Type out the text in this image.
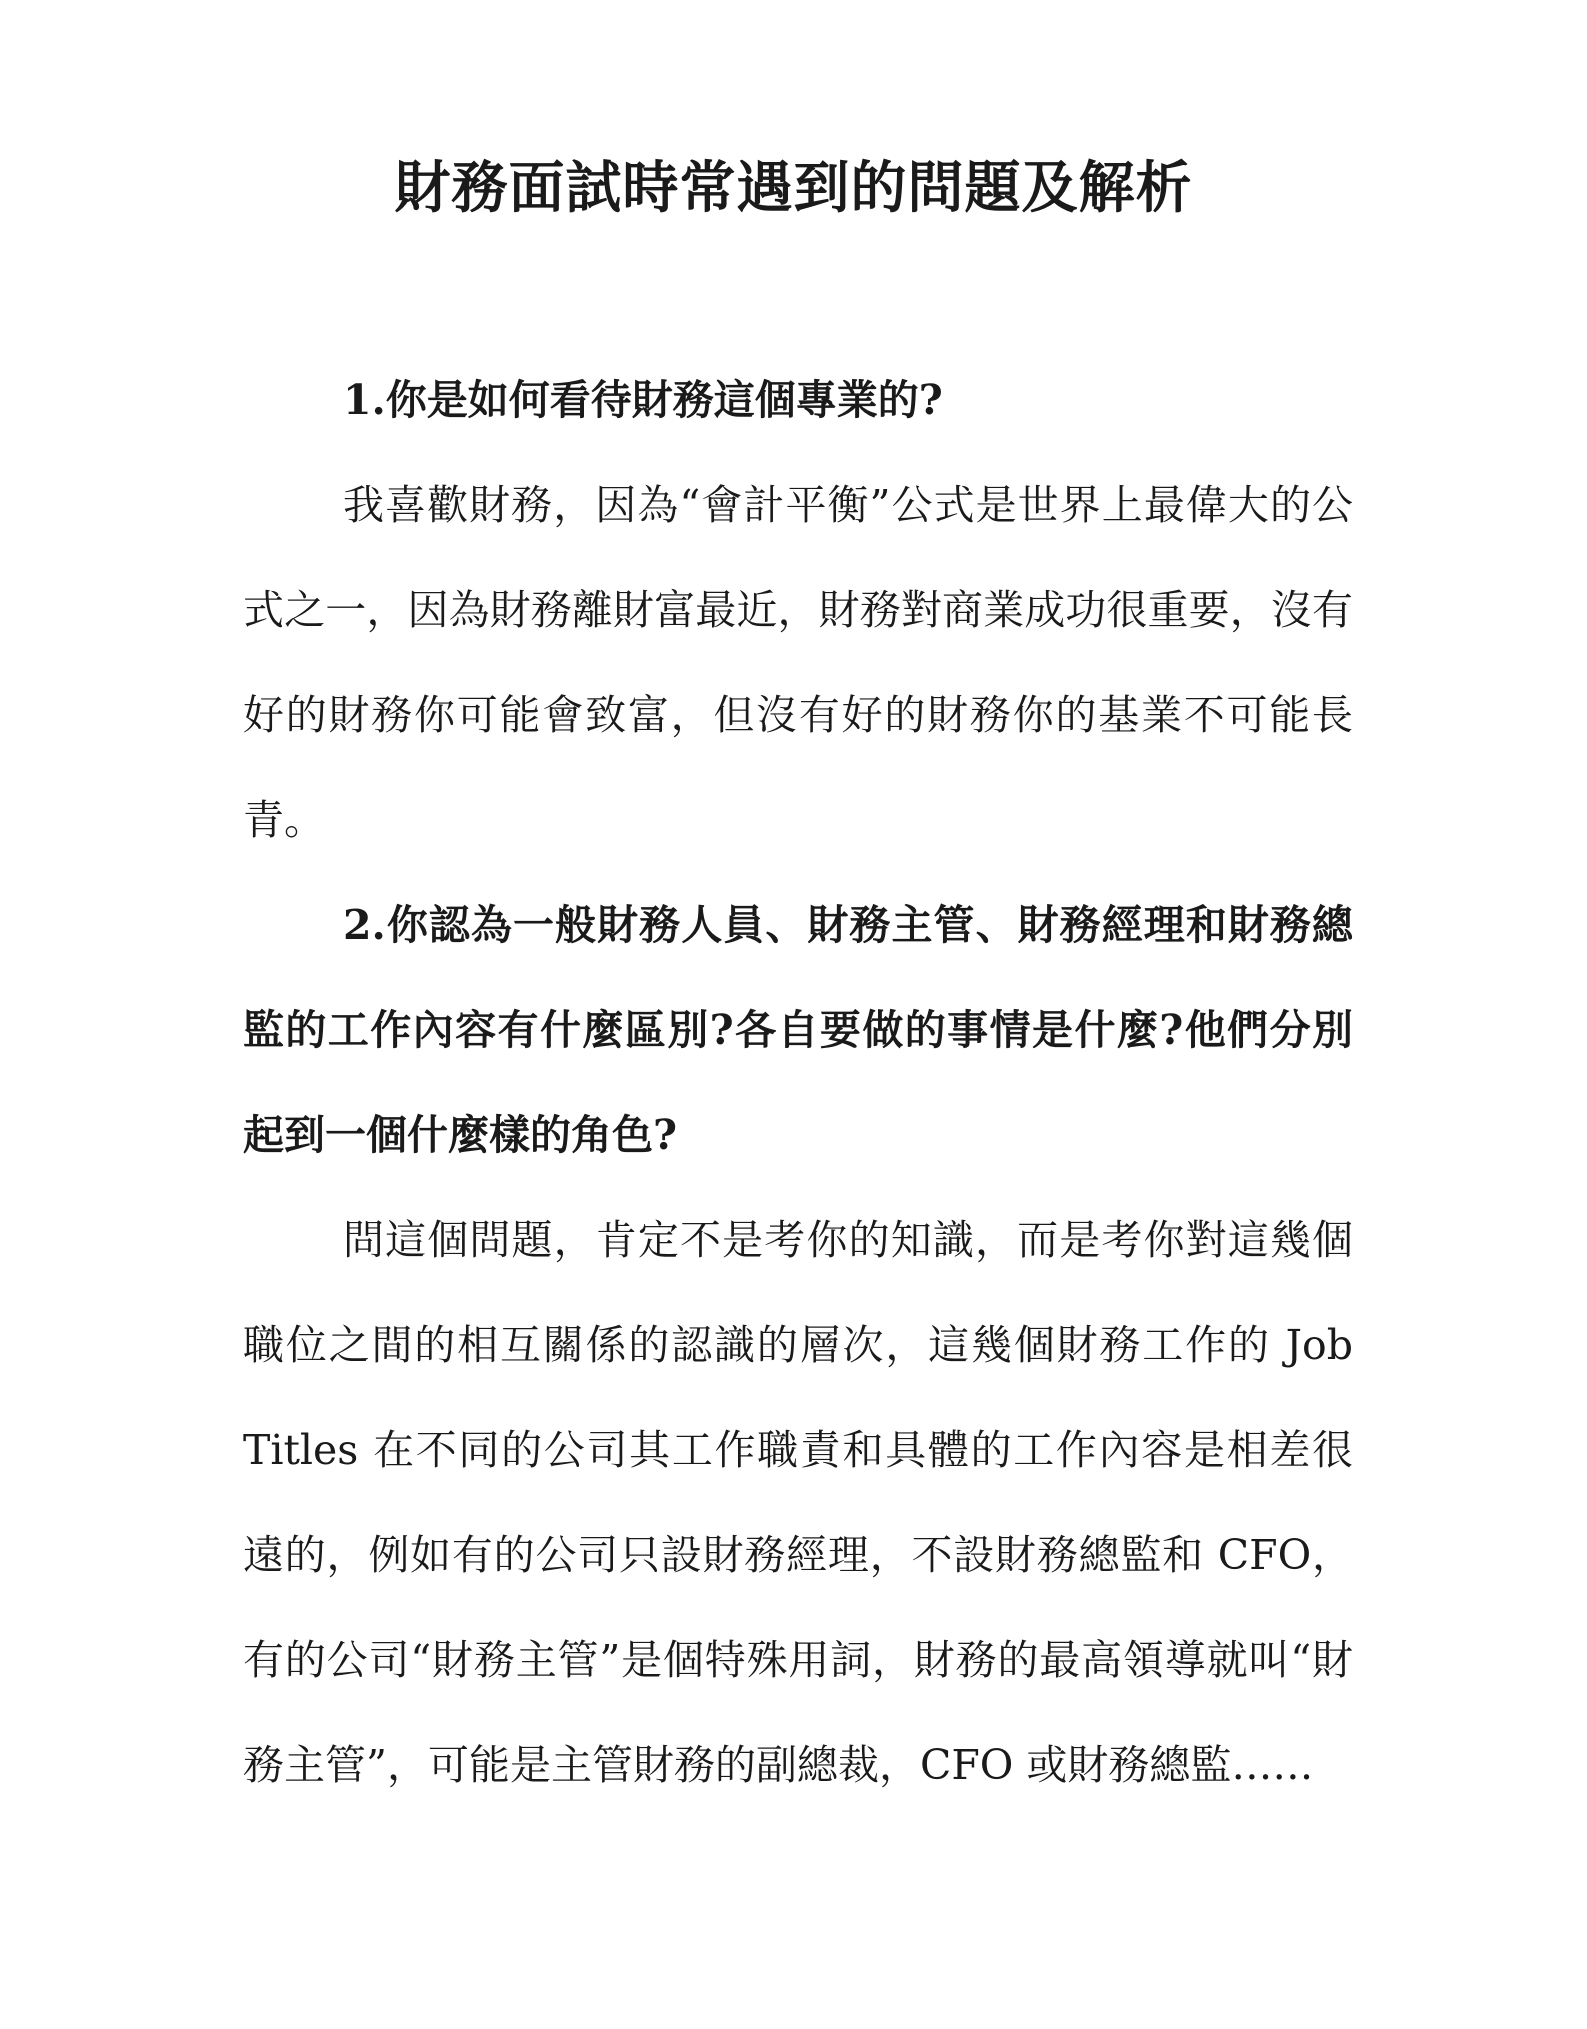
財務面試時常遇到的問題及解析

1.你是如何看待財務這個專業的?

我喜歡財務，因為“會計平衡”公式是世界上最偉大的公式之一，因為財務離財富最近，財務對商業成功很重要，沒有好的財務你可能會致富，但沒有好的財務你的基業不可能長青。

2.你認為一般財務人員、財務主管、財務經理和財務總監的工作內容有什麼區別?各自要做的事情是什麼?他們分別起到一個什麼樣的角色?

問這個問題，肯定不是考你的知識，而是考你對這幾個職位之間的相互關係的認識的層次，這幾個財務工作的 Job Titles 在不同的公司其工作職責和具體的工作內容是相差很遠的，例如有的公司只設財務經理，不設財務總監和 CFO，有的公司“財務主管”是個特殊用詞，財務的最高領導就叫“財務主管”，可能是主管財務的副總裁，CFO 或財務總監……
